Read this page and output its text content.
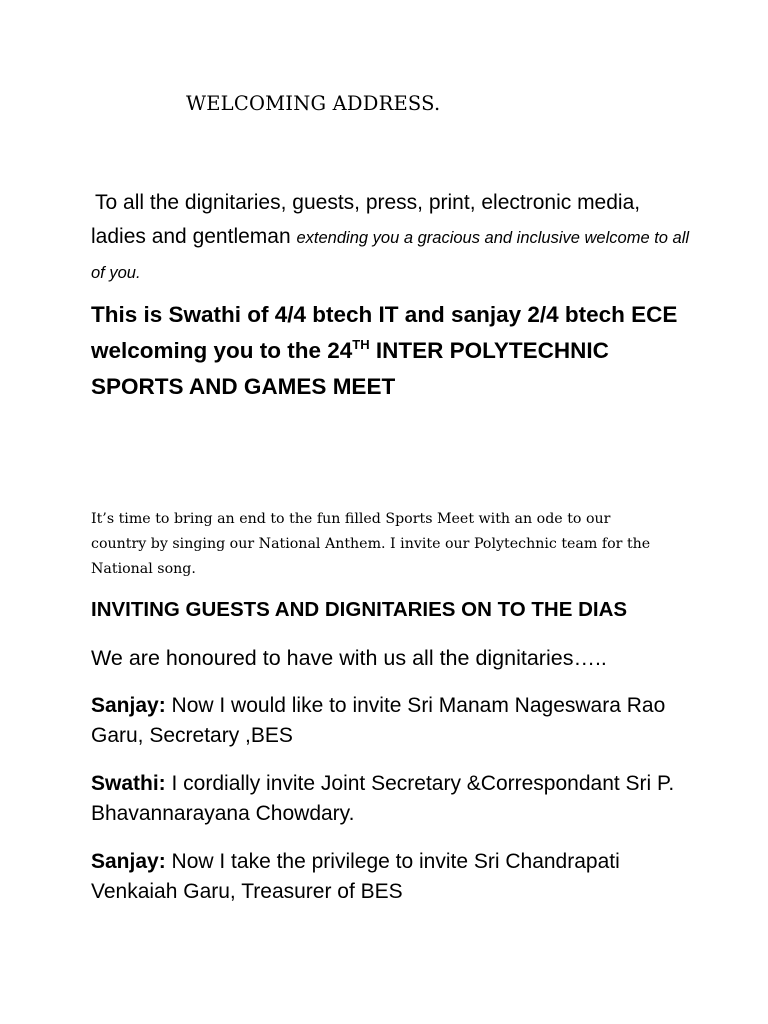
WELCOMING ADDRESS.

To all the dignitaries, guests, press, print, electronic media, ladies and gentleman extending you a gracious and inclusive welcome to all of you.

This is Swathi of 4/4 btech IT and sanjay 2/4 btech ECE welcoming you to the 24TH INTER POLYTECHNIC SPORTS AND GAMES MEET

It’s time to bring an end to the fun filled Sports Meet with an ode to our country by singing our National Anthem. I invite our Polytechnic team for the National song.

INVITING GUESTS AND DIGNITARIES ON TO THE DIAS

We are honoured to have with us all the dignitaries…..

Sanjay: Now I would like to invite Sri Manam Nageswara Rao Garu, Secretary ,BES

Swathi: I cordially invite Joint Secretary &Correspondant Sri P. Bhavannarayana Chowdary.

Sanjay: Now I take the privilege to invite Sri Chandrapati Venkaiah Garu, Treasurer of BES
